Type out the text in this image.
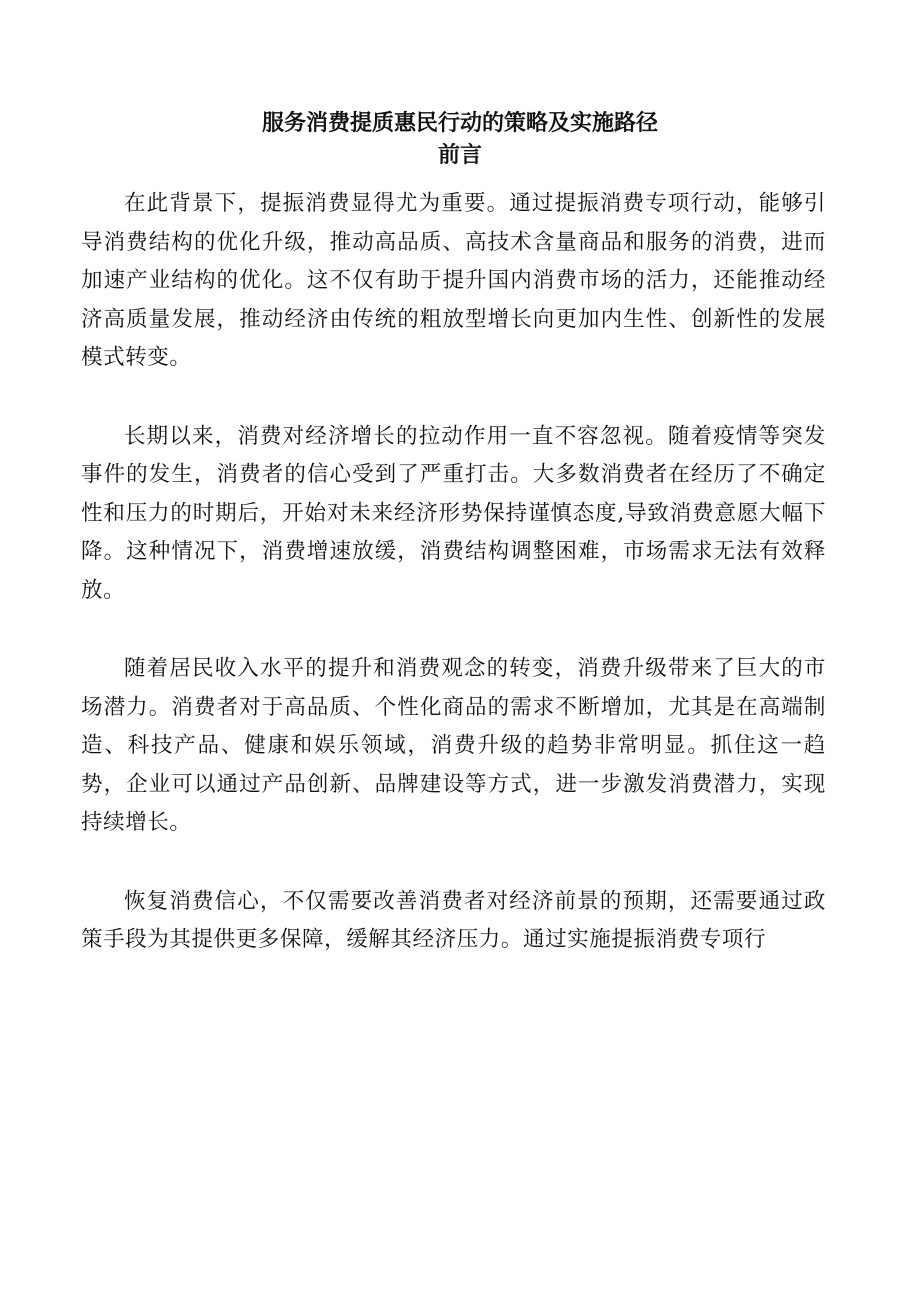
服务消费提质惠民行动的策略及实施路径
前言

在此背景下，提振消费显得尤为重要。通过提振消费专项行动，能够引导消费结构的优化升级，推动高品质、高技术含量商品和服务的消费，进而加速产业结构的优化。这不仅有助于提升国内消费市场的活力，还能推动经济高质量发展，推动经济由传统的粗放型增长向更加内生性、创新性的发展模式转变。

长期以来，消费对经济增长的拉动作用一直不容忽视。随着疫情等突发事件的发生，消费者的信心受到了严重打击。大多数消费者在经历了不确定性和压力的时期后，开始对未来经济形势保持谨慎态度,导致消费意愿大幅下降。这种情况下，消费增速放缓，消费结构调整困难，市场需求无法有效释放。

随着居民收入水平的提升和消费观念的转变，消费升级带来了巨大的市场潜力。消费者对于高品质、个性化商品的需求不断增加，尤其是在高端制造、科技产品、健康和娱乐领域，消费升级的趋势非常明显。抓住这一趋势，企业可以通过产品创新、品牌建设等方式，进一步激发消费潜力，实现持续增长。

恢复消费信心，不仅需要改善消费者对经济前景的预期，还需要通过政策手段为其提供更多保障，缓解其经济压力。通过实施提振消费专项行
